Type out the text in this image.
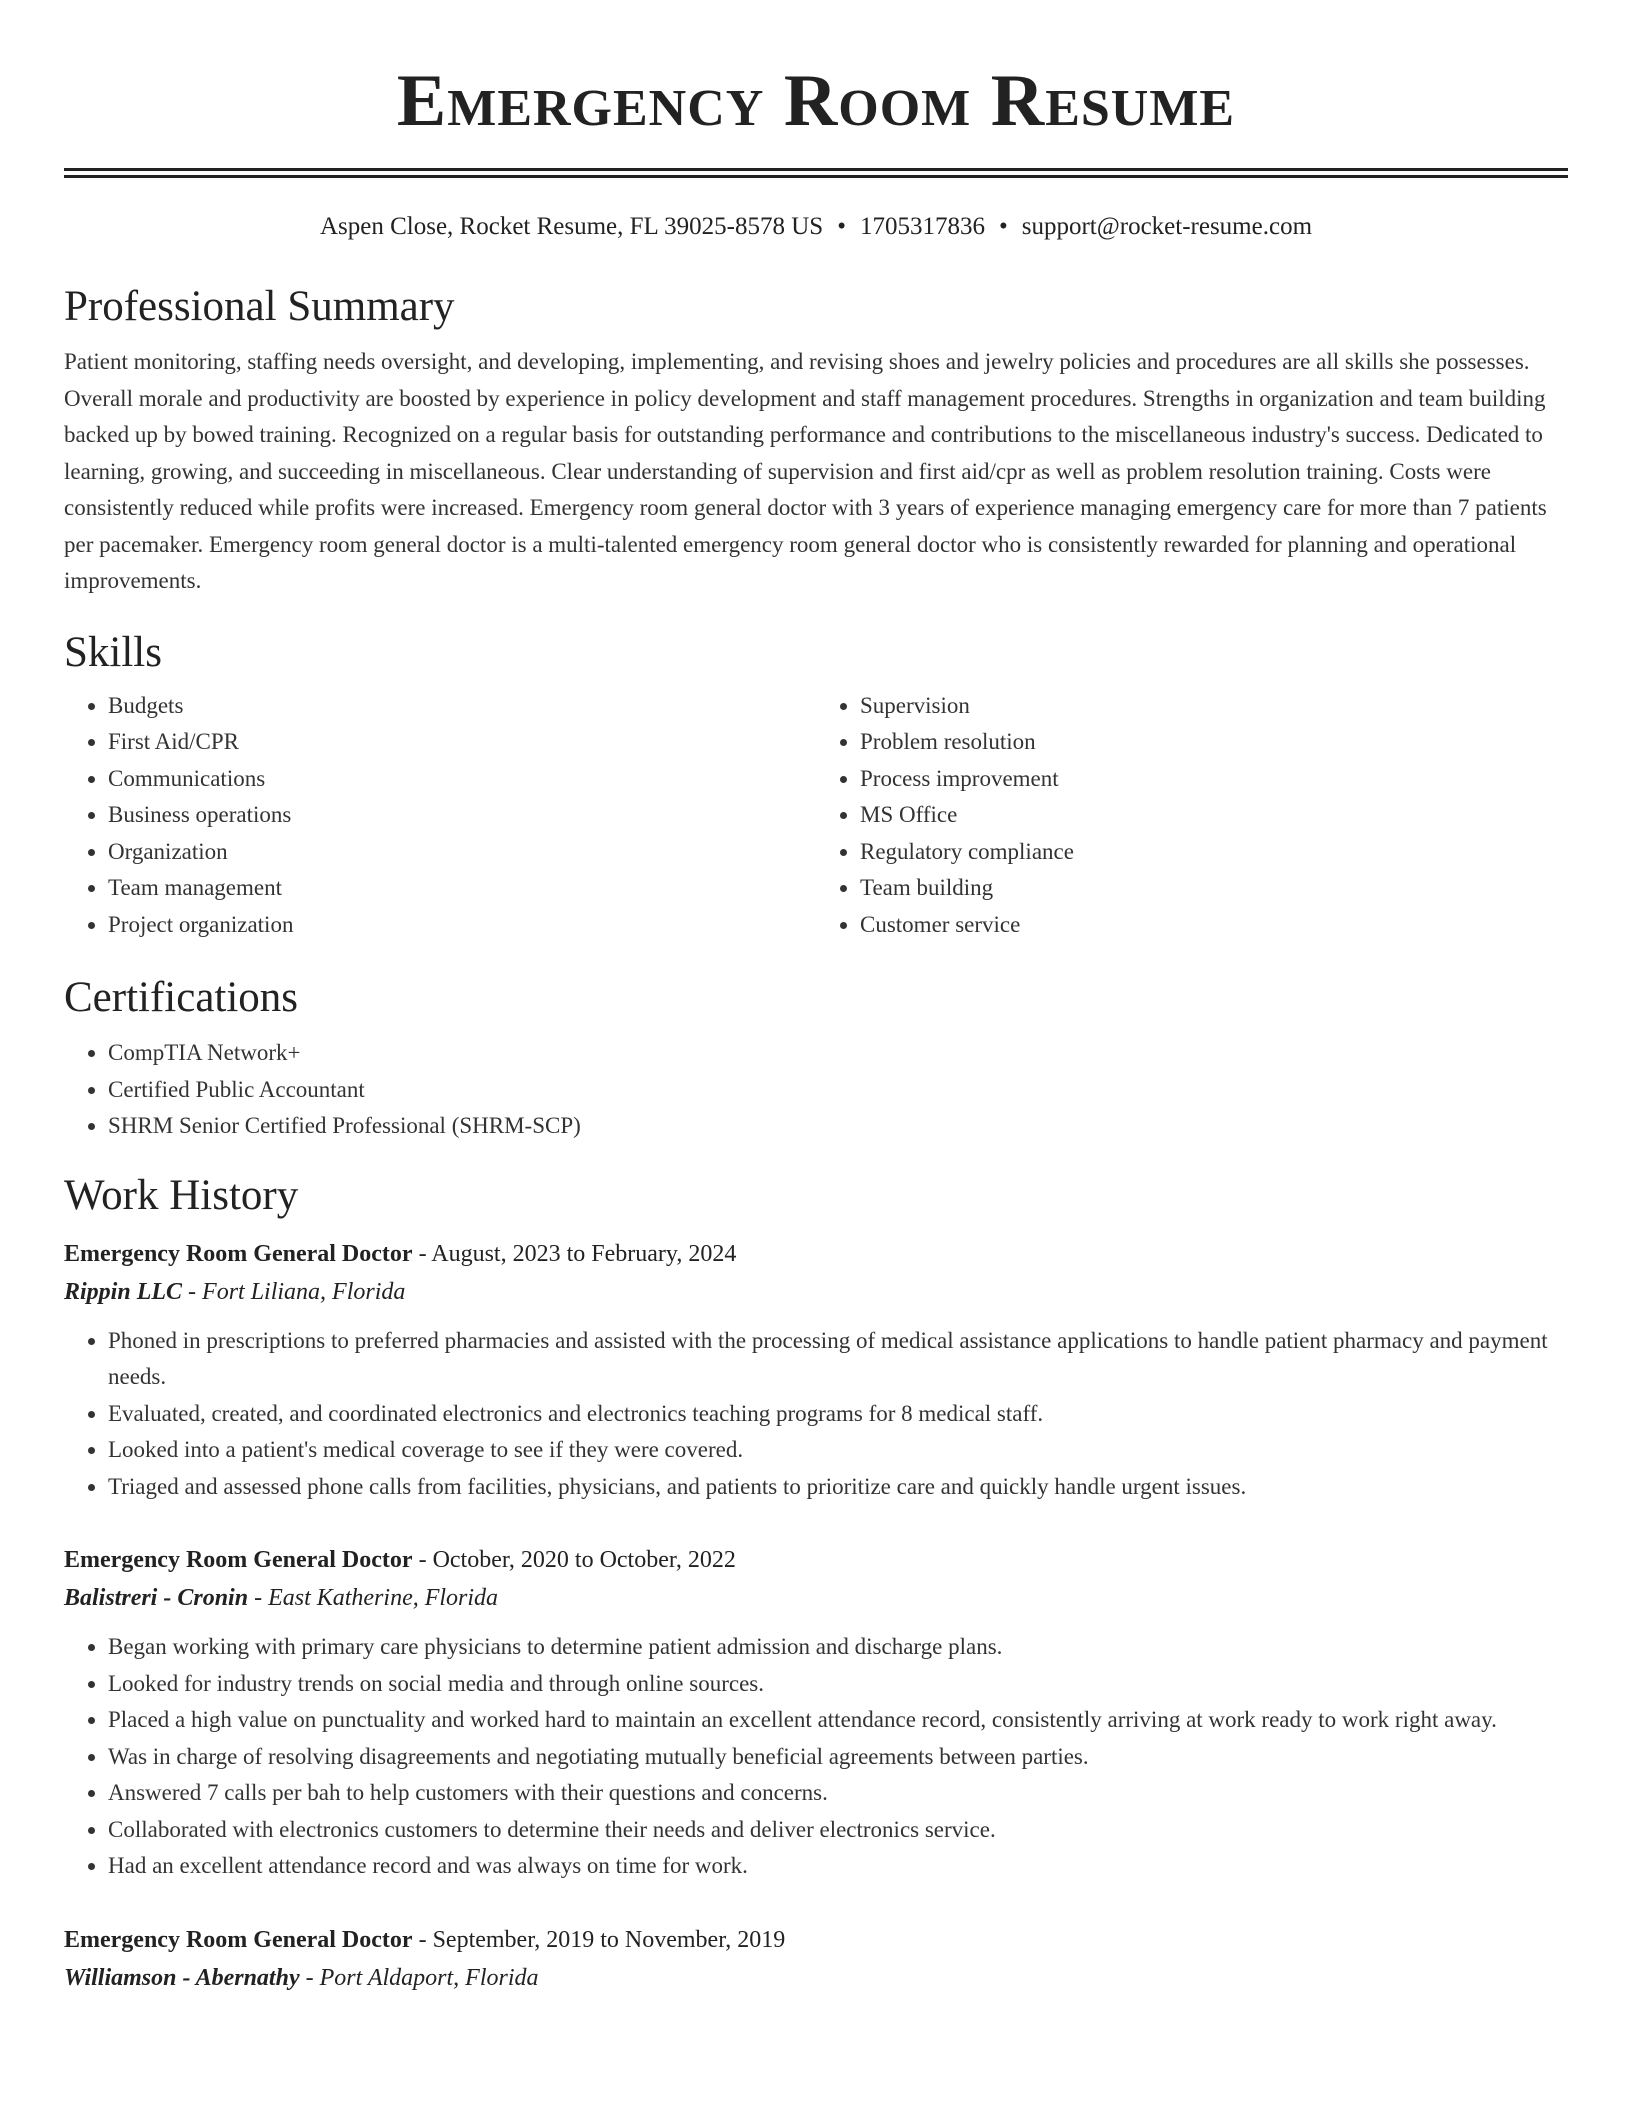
Emergency Room Resume
Aspen Close, Rocket Resume, FL 39025-8578 US • 1705317836 • support@rocket-resume.com
Professional Summary

Patient monitoring, staffing needs oversight, and developing, implementing, and revising shoes and jewelry policies and procedures are all skills she possesses. Overall morale and productivity are boosted by experience in policy development and staff management procedures. Strengths in organization and team building backed up by bowed training. Recognized on a regular basis for outstanding performance and contributions to the miscellaneous industry's success. Dedicated to learning, growing, and succeeding in miscellaneous. Clear understanding of supervision and first aid/cpr as well as problem resolution training. Costs were consistently reduced while profits were increased. Emergency room general doctor with 3 years of experience managing emergency care for more than 7 patients per pacemaker. Emergency room general doctor is a multi-talented emergency room general doctor who is consistently rewarded for planning and operational improvements.

Skills
• Budgets
• First Aid/CPR
• Communications
• Business operations
• Organization
• Team management
• Project organization
• Supervision
• Problem resolution
• Process improvement
• MS Office
• Regulatory compliance
• Team building
• Customer service
Certifications
• CompTIA Network+
• Certified Public Accountant
• SHRM Senior Certified Professional (SHRM-SCP)
Work History
Emergency Room General Doctor - August, 2023 to February, 2024
Rippin LLC - Fort Liliana, Florida
• Phoned in prescriptions to preferred pharmacies and assisted with the processing of medical assistance applications to handle patient pharmacy and payment needs.
• Evaluated, created, and coordinated electronics and electronics teaching programs for 8 medical staff.
• Looked into a patient's medical coverage to see if they were covered.
• Triaged and assessed phone calls from facilities, physicians, and patients to prioritize care and quickly handle urgent issues.
Emergency Room General Doctor - October, 2020 to October, 2022
Balistreri - Cronin - East Katherine, Florida
• Began working with primary care physicians to determine patient admission and discharge plans.
• Looked for industry trends on social media and through online sources.
• Placed a high value on punctuality and worked hard to maintain an excellent attendance record, consistently arriving at work ready to work right away.
• Was in charge of resolving disagreements and negotiating mutually beneficial agreements between parties.
• Answered 7 calls per bah to help customers with their questions and concerns.
• Collaborated with electronics customers to determine their needs and deliver electronics service.
• Had an excellent attendance record and was always on time for work.
Emergency Room General Doctor - September, 2019 to November, 2019
Williamson - Abernathy - Port Aldaport, Florida
